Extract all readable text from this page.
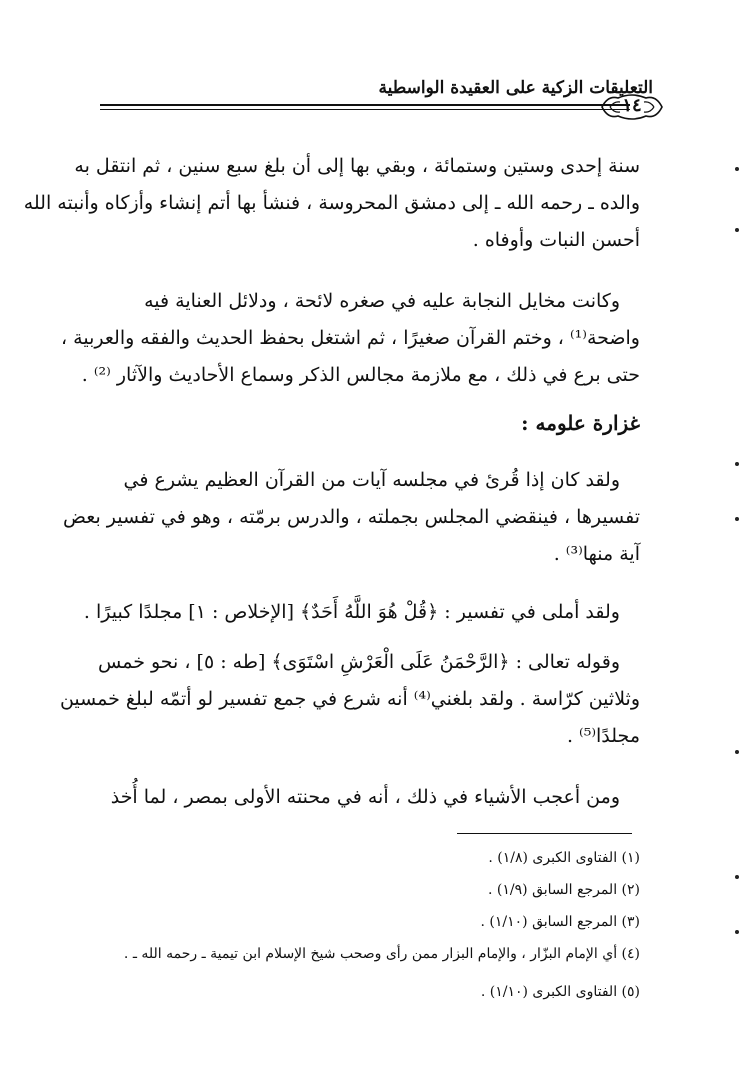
التعليقات الزكية على العقيدة الواسطية
١٤
سنة إحدى وستين وستمائة ، وبقي بها إلى أن بلغ سبع سنين ، ثم انتقل به
والده ـ رحمه الله ـ إلى دمشق المحروسة ، فنشأ بها أتم إنشاء وأزكاه وأنبته الله
أحسن النبات وأوفاه .
وكانت مخايل النجابة عليه في صغره لائحة ، ودلائل العناية فيه
واضحة⁽¹⁾ ، وختم القرآن صغيرًا ، ثم اشتغل بحفظ الحديث والفقه والعربية ،
حتى برع في ذلك ، مع ملازمة مجالس الذكر وسماع الأحاديث والآثار ⁽²⁾ .
غزارة علومه :
ولقد كان إذا قُرئ في مجلسه آيات من القرآن العظيم يشرع في
تفسيرها ، فينقضي المجلس بجملته ، والدرس برمّته ، وهو في تفسير بعض
آية منها⁽³⁾ .
ولقد أملى في تفسير : ﴿قُلْ هُوَ اللَّهُ أَحَدٌ﴾ [الإخلاص : ١] مجلدًا كبيرًا .
وقوله تعالى : ﴿الرَّحْمَنُ عَلَى الْعَرْشِ اسْتَوَى﴾ [طه : ٥] ، نحو خمس
وثلاثين كرّاسة . ولقد بلغني⁽⁴⁾ أنه شرع في جمع تفسير لو أتمّه لبلغ خمسين
مجلدًا⁽⁵⁾ .
ومن أعجب الأشياء في ذلك ، أنه في محنته الأولى بمصر ، لما أُخذ
(١) الفتاوى الكبرى (١/٨) .
(٢) المرجع السابق (١/٩) .
(٣) المرجع السابق (١/١٠) .
(٤) أي الإمام البزّار ، والإمام البزار ممن رأى وصحب شيخ الإسلام ابن تيمية ـ رحمه الله ـ .
(٥) الفتاوى الكبرى (١/١٠) .
